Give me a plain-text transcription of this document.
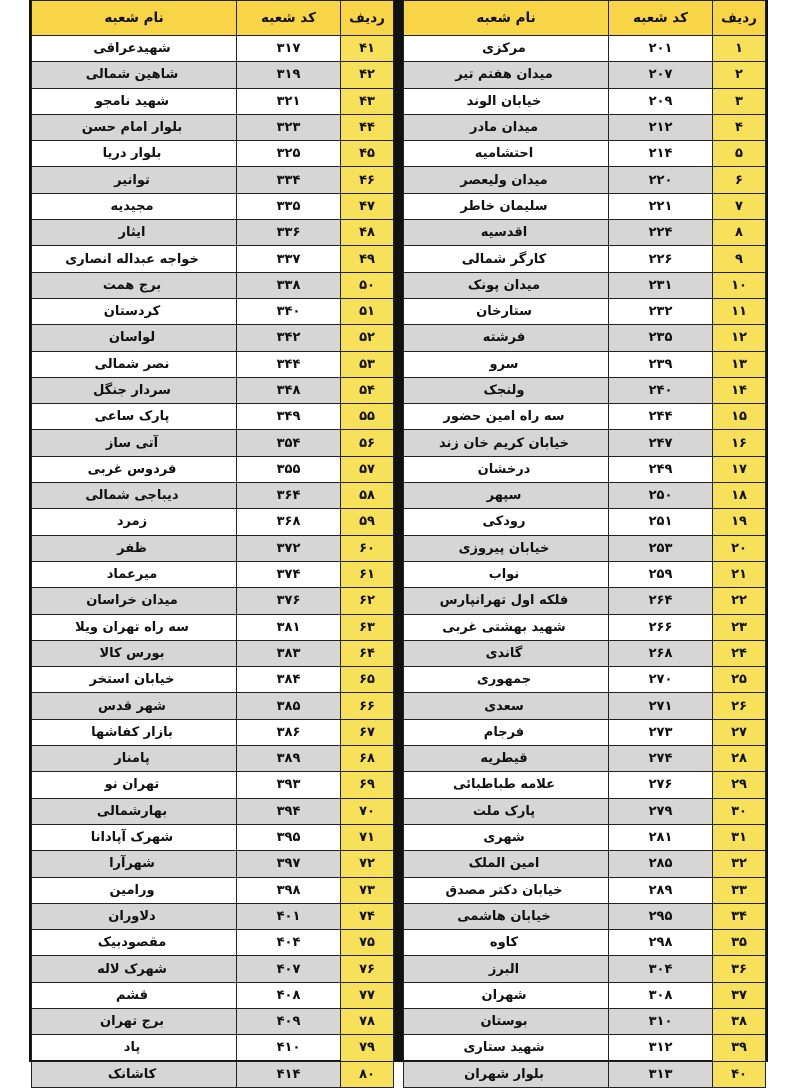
ردیف	کد شعبه	نام شعبه
۱	۲۰۱	مرکزی
۲	۲۰۷	میدان هفتم تیر
۳	۲۰۹	خیابان الوند
۴	۲۱۲	میدان مادر
۵	۲۱۴	احتشامیه
۶	۲۲۰	میدان ولیعصر
۷	۲۲۱	سلیمان خاطر
۸	۲۲۴	اقدسیه
۹	۲۲۶	کارگر شمالی
۱۰	۲۳۱	میدان پونک
۱۱	۲۳۲	ستارخان
۱۲	۲۳۵	فرشته
۱۳	۲۳۹	سرو
۱۴	۲۴۰	ولنجک
۱۵	۲۴۴	سه راه امین حضور
۱۶	۲۴۷	خیابان کریم خان زند
۱۷	۲۴۹	درخشان
۱۸	۲۵۰	سپهر
۱۹	۲۵۱	رودکی
۲۰	۲۵۳	خیابان پیروزی
۲۱	۲۵۹	نواب
۲۲	۲۶۴	فلکه اول تهرانپارس
۲۳	۲۶۶	شهید بهشتی غربی
۲۴	۲۶۸	گاندی
۲۵	۲۷۰	جمهوری
۲۶	۲۷۱	سعدی
۲۷	۲۷۳	فرجام
۲۸	۲۷۴	قیطریه
۲۹	۲۷۶	علامه طباطبائی
۳۰	۲۷۹	پارک ملت
۳۱	۲۸۱	شهری
۳۲	۲۸۵	امین الملک
۳۳	۲۸۹	خیابان دکتر مصدق
۳۴	۲۹۵	خیابان هاشمی
۳۵	۲۹۸	کاوه
۳۶	۳۰۴	البرز
۳۷	۳۰۸	شهران
۳۸	۳۱۰	بوستان
۳۹	۳۱۲	شهید ستاری
۴۰	۳۱۳	بلوار شهران
ردیف	کد شعبه	نام شعبه
۴۱	۳۱۷	شهیدعراقی
۴۲	۳۱۹	شاهین شمالی
۴۳	۳۲۱	شهید نامجو
۴۴	۳۲۳	بلوار امام حسن
۴۵	۳۲۵	بلوار دریا
۴۶	۳۳۴	توانیر
۴۷	۳۳۵	مجیدیه
۴۸	۳۳۶	ایثار
۴۹	۳۳۷	خواجه عبداله انصاری
۵۰	۳۳۸	برج همت
۵۱	۳۴۰	کردستان
۵۲	۳۴۲	لواسان
۵۳	۳۴۴	نصر شمالی
۵۴	۳۴۸	سردار جنگل
۵۵	۳۴۹	پارک ساعی
۵۶	۳۵۴	آتی ساز
۵۷	۳۵۵	فردوس غربی
۵۸	۳۶۴	دیباجی شمالی
۵۹	۳۶۸	زمرد
۶۰	۳۷۲	ظفر
۶۱	۳۷۴	میرعماد
۶۲	۳۷۶	میدان خراسان
۶۳	۳۸۱	سه راه تهران ویلا
۶۴	۳۸۳	بورس کالا
۶۵	۳۸۴	خیابان استخر
۶۶	۳۸۵	شهر قدس
۶۷	۳۸۶	بازار کفاشها
۶۸	۳۸۹	پامنار
۶۹	۳۹۳	تهران نو
۷۰	۳۹۴	بهارشمالی
۷۱	۳۹۵	شهرک آپادانا
۷۲	۳۹۷	شهرآرا
۷۳	۳۹۸	ورامین
۷۴	۴۰۱	دلاوران
۷۵	۴۰۴	مقصودبیک
۷۶	۴۰۷	شهرک لاله
۷۷	۴۰۸	قشم
۷۸	۴۰۹	برج تهران
۷۹	۴۱۰	پاد
۸۰	۴۱۴	کاشانک
